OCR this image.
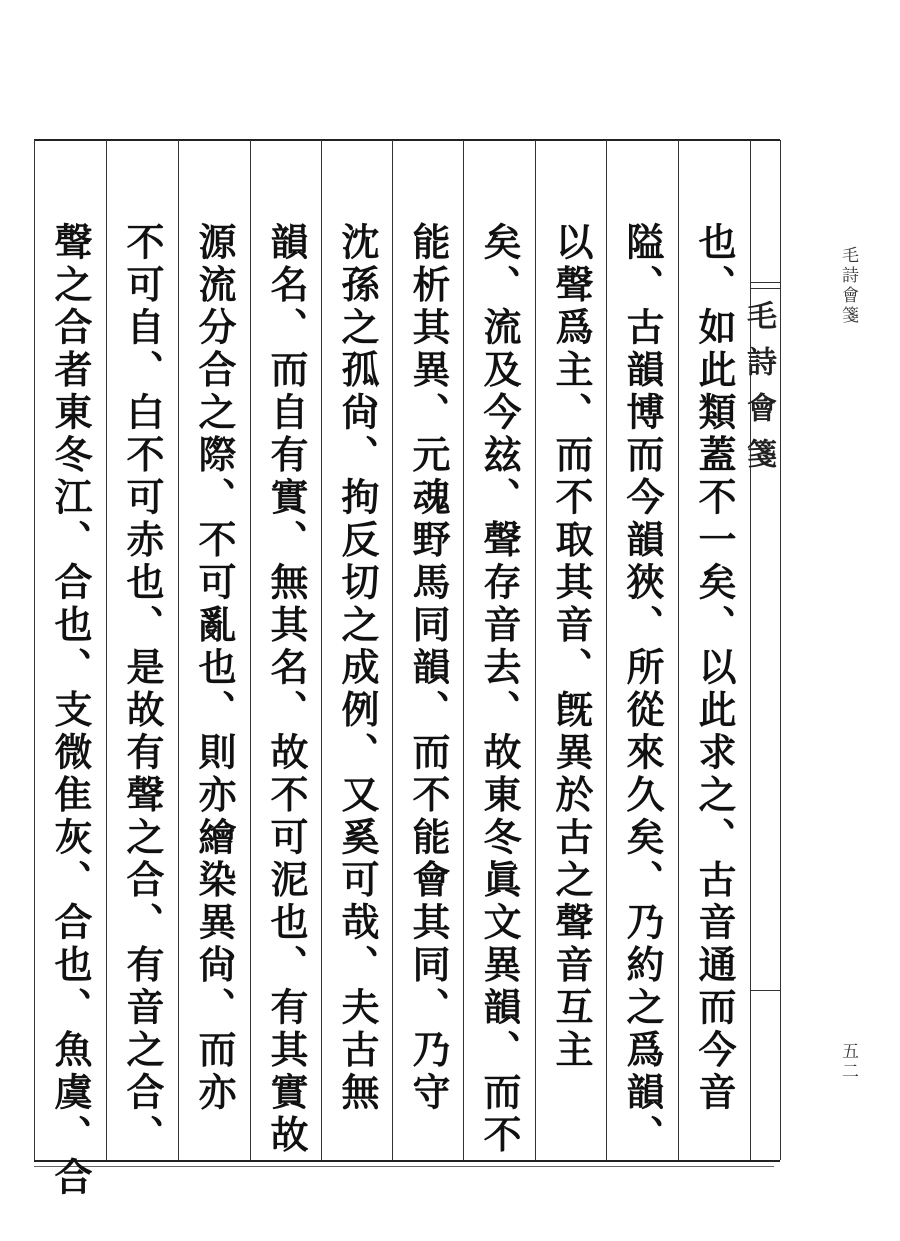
毛詩會箋
也、如此類蓋不一矣、以此求之、古音通而今音
隘、古韻博而今韻狹、所從來久矣、乃約之爲韻、
以聲爲主、而不取其音、旣異於古之聲音互主
矣、流及今玆、聲存音去、故東冬眞文異韻、而不
能析其異、元魂野馬同韻、而不能會其同、乃守
沈孫之孤尙、拘反切之成例、又奚可哉、夫古無
韻名、而自有實、無其名、故不可泥也、有其實故
源流分合之際、不可亂也、則亦繪染異尙、而亦
不可自、白不可赤也、是故有聲之合、有音之合、
聲之合者東冬江、合也、支微隹灰、合也、魚虞、合	毛詩會箋
五二
